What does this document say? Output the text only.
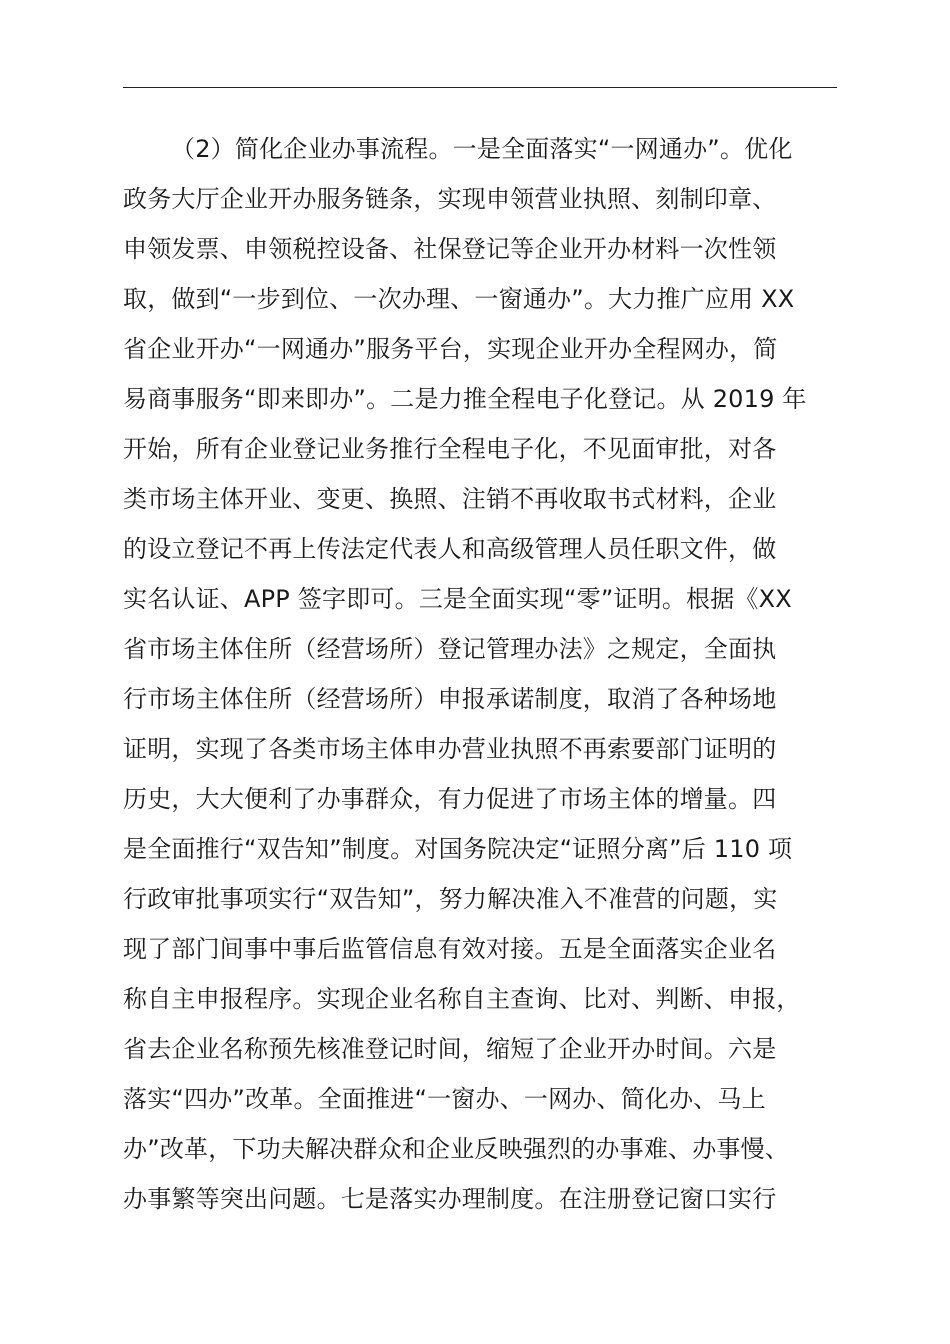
（2）简化企业办事流程。一是全面落实“一网通办”。优化
政务大厅企业开办服务链条，实现申领营业执照、刻制印章、
申领发票、申领税控设备、社保登记等企业开办材料一次性领
取，做到“一步到位、一次办理、一窗通办”。大力推广应用 XX
省企业开办“一网通办”服务平台，实现企业开办全程网办，简
易商事服务“即来即办”。二是力推全程电子化登记。从 2019 年
开始，所有企业登记业务推行全程电子化，不见面审批，对各
类市场主体开业、变更、换照、注销不再收取书式材料，企业
的设立登记不再上传法定代表人和高级管理人员任职文件，做
实名认证、APP 签字即可。三是全面实现“零”证明。根据《XX
省市场主体住所（经营场所）登记管理办法》之规定，全面执
行市场主体住所（经营场所）申报承诺制度，取消了各种场地
证明，实现了各类市场主体申办营业执照不再索要部门证明的
历史，大大便利了办事群众，有力促进了市场主体的增量。四
是全面推行“双告知”制度。对国务院决定“证照分离”后 110 项
行政审批事项实行“双告知”，努力解决准入不准营的问题，实
现了部门间事中事后监管信息有效对接。五是全面落实企业名
称自主申报程序。实现企业名称自主查询、比对、判断、申报，
省去企业名称预先核准登记时间，缩短了企业开办时间。六是
落实“四办”改革。全面推进“一窗办、一网办、简化办、马上
办”改革，下功夫解决群众和企业反映强烈的办事难、办事慢、
办事繁等突出问题。七是落实办理制度。在注册登记窗口实行
